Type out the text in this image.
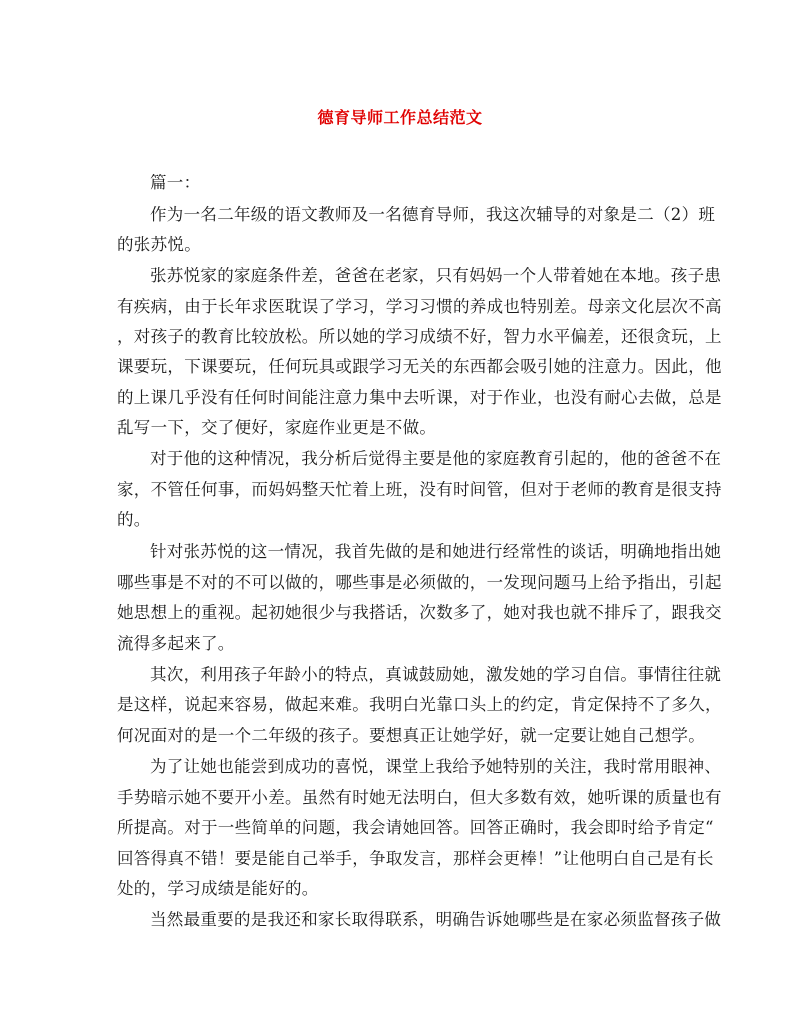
德育导师工作总结范文
篇一：
作为一名二年级的语文教师及一名德育导师，我这次辅导的对象是二（2）班
的张苏悦。
张苏悦家的家庭条件差，爸爸在老家，只有妈妈一个人带着她在本地。孩子患
有疾病，由于长年求医耽误了学习，学习习惯的养成也特别差。母亲文化层次不高
，对孩子的教育比较放松。所以她的学习成绩不好，智力水平偏差，还很贪玩，上
课要玩，下课要玩，任何玩具或跟学习无关的东西都会吸引她的注意力。因此，他
的上课几乎没有任何时间能注意力集中去听课，对于作业，也没有耐心去做，总是
乱写一下，交了便好，家庭作业更是不做。
对于他的这种情况，我分析后觉得主要是他的家庭教育引起的，他的爸爸不在
家，不管任何事，而妈妈整天忙着上班，没有时间管，但对于老师的教育是很支持
的。
针对张苏悦的这一情况，我首先做的是和她进行经常性的谈话，明确地指出她
哪些事是不对的不可以做的，哪些事是必须做的，一发现问题马上给予指出，引起
她思想上的重视。起初她很少与我搭话，次数多了，她对我也就不排斥了，跟我交
流得多起来了。
其次，利用孩子年龄小的特点，真诚鼓励她，激发她的学习自信。事情往往就
是这样，说起来容易，做起来难。我明白光靠口头上的约定，肯定保持不了多久，
何况面对的是一个二年级的孩子。要想真正让她学好，就一定要让她自己想学。
为了让她也能尝到成功的喜悦，课堂上我给予她特别的关注，我时常用眼神、
手势暗示她不要开小差。虽然有时她无法明白，但大多数有效，她听课的质量也有
所提高。对于一些简单的问题，我会请她回答。回答正确时，我会即时给予肯定“
回答得真不错！要是能自己举手，争取发言，那样会更棒！”让他明白自己是有长
处的，学习成绩是能好的。
当然最重要的是我还和家长取得联系，明确告诉她哪些是在家必须监督孩子做
